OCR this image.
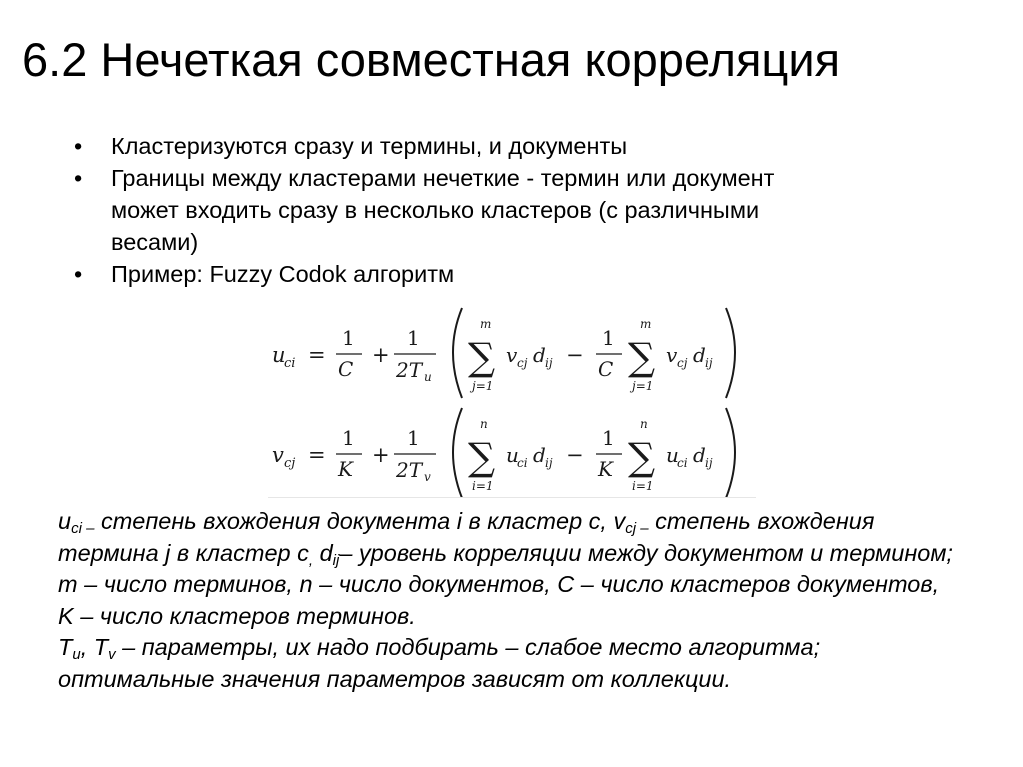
6.2 Нечеткая совместная корреляция
• Кластеризуются сразу и термины, и документы
• Границы между кластерами нечеткие - термин или документ может входить сразу в несколько кластеров (с различными весами)
• Пример: Fuzzy Codok алгоритм
u
ci =
1
C
+
1
2T u
m
∑
j=1
v cj d ij −
1
C
m
∑
j=1
v cj d ij
v cj =
1
K
+
1
2T v
n
∑
i=1
u
ci d ij −
1
K
n
∑
i=1
u
ci d ij

$u_{ci -}$ степень вхождения документа i в кластер c, $v_{cj -}$ степень вхождения термина j в кластер $c_,$ $d_{ij}-$ уровень корреляции между документом и термином; m – число терминов, n – число документов, C – число кластеров документов, K – число кластеров терминов.

$T_u$, $T_v$ – параметры, их надо подбирать – слабое место алгоритма; оптимальные значения параметров зависят от коллекции.
